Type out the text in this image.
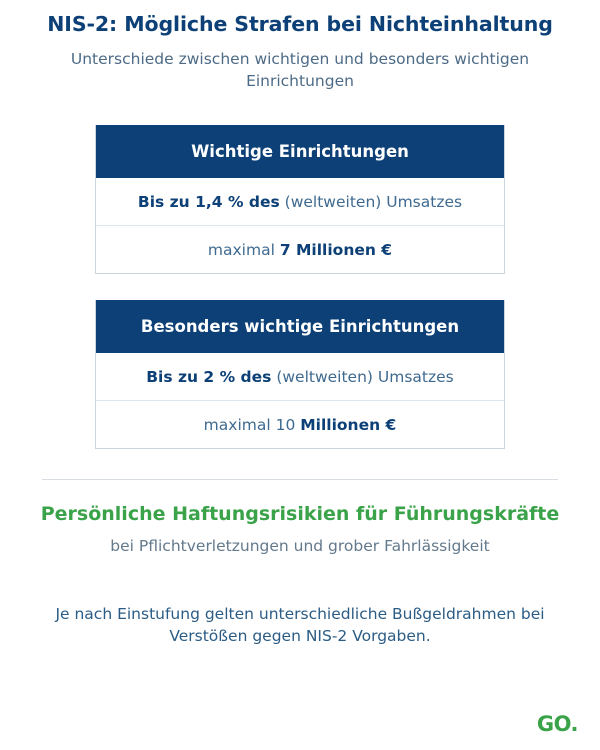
NIS-2: Mögliche Strafen bei Nichteinhaltung
Unterschiede zwischen wichtigen und besonders wichtigen Einrichtungen
Wichtige Einrichtungen
Bis zu 1,4 % des (weltweiten) Umsatzes
maximal 7 Millionen €
Besonders wichtige Einrichtungen
Bis zu 2 % des (weltweiten) Umsatzes
maximal 10 Millionen €
Persönliche Haftungsrisikien für Führungskräfte
bei Pflichtverletzungen und grober Fahrlässigkeit
Je nach Einstufung gelten unterschiedliche Bußgeldrahmen bei Verstößen gegen NIS-2 Vorgaben.
GO.
